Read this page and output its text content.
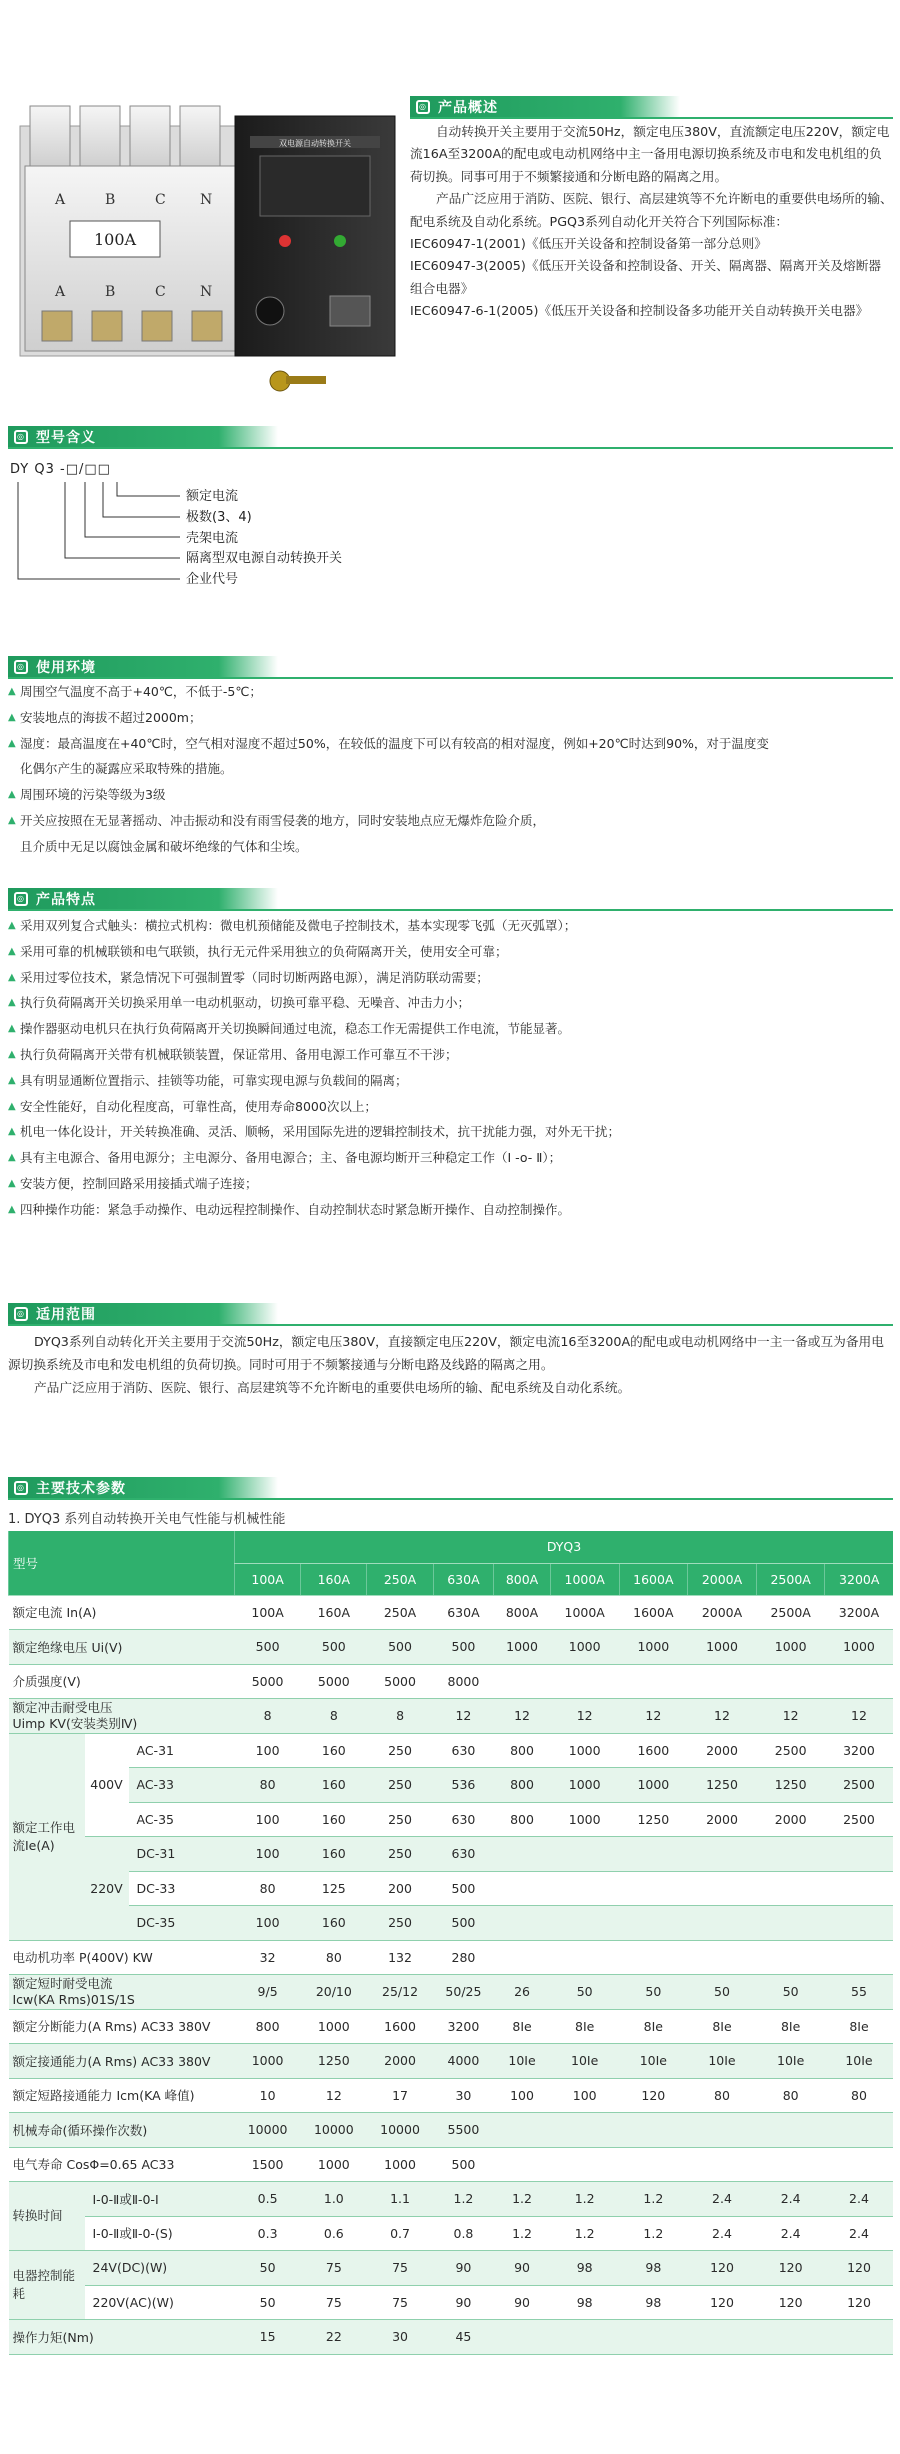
A	B	C N
100A
A	B	C N
双电源自动转换开关
◎ 产品概述
自动转换开关主要用于交流50Hz，额定电压380V，直流额定电压220V，额定电流16A至3200A的配电或电动机网络中主一备用电源切换系统及市电和发电机组的负荷切换。同事可用于不频繁接通和分断电路的隔离之用。
产品广泛应用于消防、医院、银行、高层建筑等不允许断电的重要供电场所的输、配电系统及自动化系统。PGQ3系列自动化开关符合下列国际标准：
IEC60947-1(2001)《低压开关设备和控制设备第一部分总则》
IEC60947-3(2005)《低压开关设备和控制设备、开关、隔离器、隔离开关及熔断器组合电器》
IEC60947-6-1(2005)《低压开关设备和控制设备多功能开关自动转换开关电器》
◎ 型号含义
DY Q3 -□/□□
额定电流
极数(3、4)
壳架电流
隔离型双电源自动转换开关
企业代号
◎ 使用环境
▲ 周围空气温度不高于+40℃，不低于-5℃；
▲ 安装地点的海拔不超过2000m；
▲ 湿度：最高温度在+40℃时，空气相对湿度不超过50%，在较低的温度下可以有较高的相对湿度，例如+20℃时达到90%，对于温度变
化偶尔产生的凝露应采取特殊的措施。
▲ 周围环境的污染等级为3级
▲ 开关应按照在无显著摇动、冲击振动和没有雨雪侵袭的地方，同时安装地点应无爆炸危险介质，
且介质中无足以腐蚀金属和破坏绝缘的气体和尘埃。
◎ 产品特点
▲ 采用双列复合式触头：横拉式机构：微电机预储能及微电子控制技术，基本实现零飞弧（无灭弧罩）；
▲ 采用可靠的机械联锁和电气联锁，执行无元件采用独立的负荷隔离开关，使用安全可靠；
▲ 采用过零位技术，紧急情况下可强制置零（同时切断两路电源），满足消防联动需要；
▲ 执行负荷隔离开关切换采用单一电动机驱动，切换可靠平稳、无噪音、冲击力小；
▲ 操作器驱动电机只在执行负荷隔离开关切换瞬间通过电流，稳态工作无需提供工作电流，节能显著。
▲ 执行负荷隔离开关带有机械联锁装置，保证常用、备用电源工作可靠互不干涉；
▲ 具有明显通断位置指示、挂锁等功能，可靠实现电源与负载间的隔离；
▲ 安全性能好，自动化程度高，可靠性高，使用寿命8000次以上；
▲ 机电一体化设计，开关转换准确、灵活、顺畅，采用国际先进的逻辑控制技术，抗干扰能力强，对外无干扰；
▲ 具有主电源合、备用电源分；主电源分、备用电源合；主、备电源均断开三种稳定工作（Ⅰ -o- Ⅱ）；
▲ 安装方便，控制回路采用接插式端子连接；
▲ 四种操作功能：紧急手动操作、电动远程控制操作、自动控制状态时紧急断开操作、自动控制操作。
◎ 适用范围
DYQ3系列自动转化开关主要用于交流50Hz，额定电压380V，直接额定电压220V，额定电流16至3200A的配电或电动机网络中一主一备或互为备用电源切换系统及市电和发电机组的负荷切换。同时可用于不频繁接通与分断电路及线路的隔离之用。
产品广泛应用于消防、医院、银行、高层建筑等不允许断电的重要供电场所的输、配电系统及自动化系统。
◎ 主要技术参数
1. DYQ3 系列自动转换开关电气性能与机械性能
型号			DYQ3									
			100A	160A	250A	630A	800A	1000A	1600A	2000A	2500A	3200A
额定电流 In(A)			100A	160A	250A	630A	800A	1000A	1600A	2000A	2500A	3200A
额定绝缘电压 Ui(V)			500	500	500	500	1000	1000	1000	1000	1000	1000
介质强度(V)			5000	5000	5000	8000						

额定冲击耐受电压
Uimp KV(安装类别Ⅳ)			8	8	8	12	12	12	12	12	12	12
额定工作电流Ie(A)	400V	AC-31	100	160	250	630	800	1000	1600	2000	2500	3200
		AC-33	80	160	250	536	800	1000	1000	1250	1250	2500
		AC-35	100	160	250	630	800	1000	1250	2000	2000	2500
	220V	DC-31	100	160	250	630						
		DC-33	80	125	200	500						
		DC-35	100	160	250	500						
电动机功率 P(400V) KW			32	80	132	280						

额定短时耐受电流
Icw(KA Rms)01S/1S			9/5	20/10	25/12	50/25	26	50	50	50	50	55
额定分断能力(A Rms) AC33 380V			800	1000	1600	3200	8Ie	8Ie	8Ie	8Ie	8Ie	8Ie
额定接通能力(A Rms) AC33 380V			1000	1250	2000	4000	10Ie	10Ie	10Ie	10Ie	10Ie	10Ie
额定短路接通能力 Icm(KA 峰值)			10	12	17	30	100	100	120	80	80	80
机械寿命(循环操作次数)			10000	10000	10000	5500						
电气寿命 CosΦ=0.65 AC33			1500	1000	1000	500						
转换时间	Ⅰ-0-Ⅱ或Ⅱ-0-Ⅰ		0.5	1.0	1.1	1.2	1.2	1.2	1.2	2.4	2.4	2.4
	Ⅰ-0-Ⅱ或Ⅱ-0-(S)		0.3	0.6	0.7	0.8	1.2	1.2	1.2	2.4	2.4	2.4
电器控制能耗	24V(DC)(W)		50	75	75	90	90	98	98	120	120	120
	220V(AC)(W)		50	75	75	90	90	98	98	120	120	120
操作力矩(Nm)			15	22	30	45						
